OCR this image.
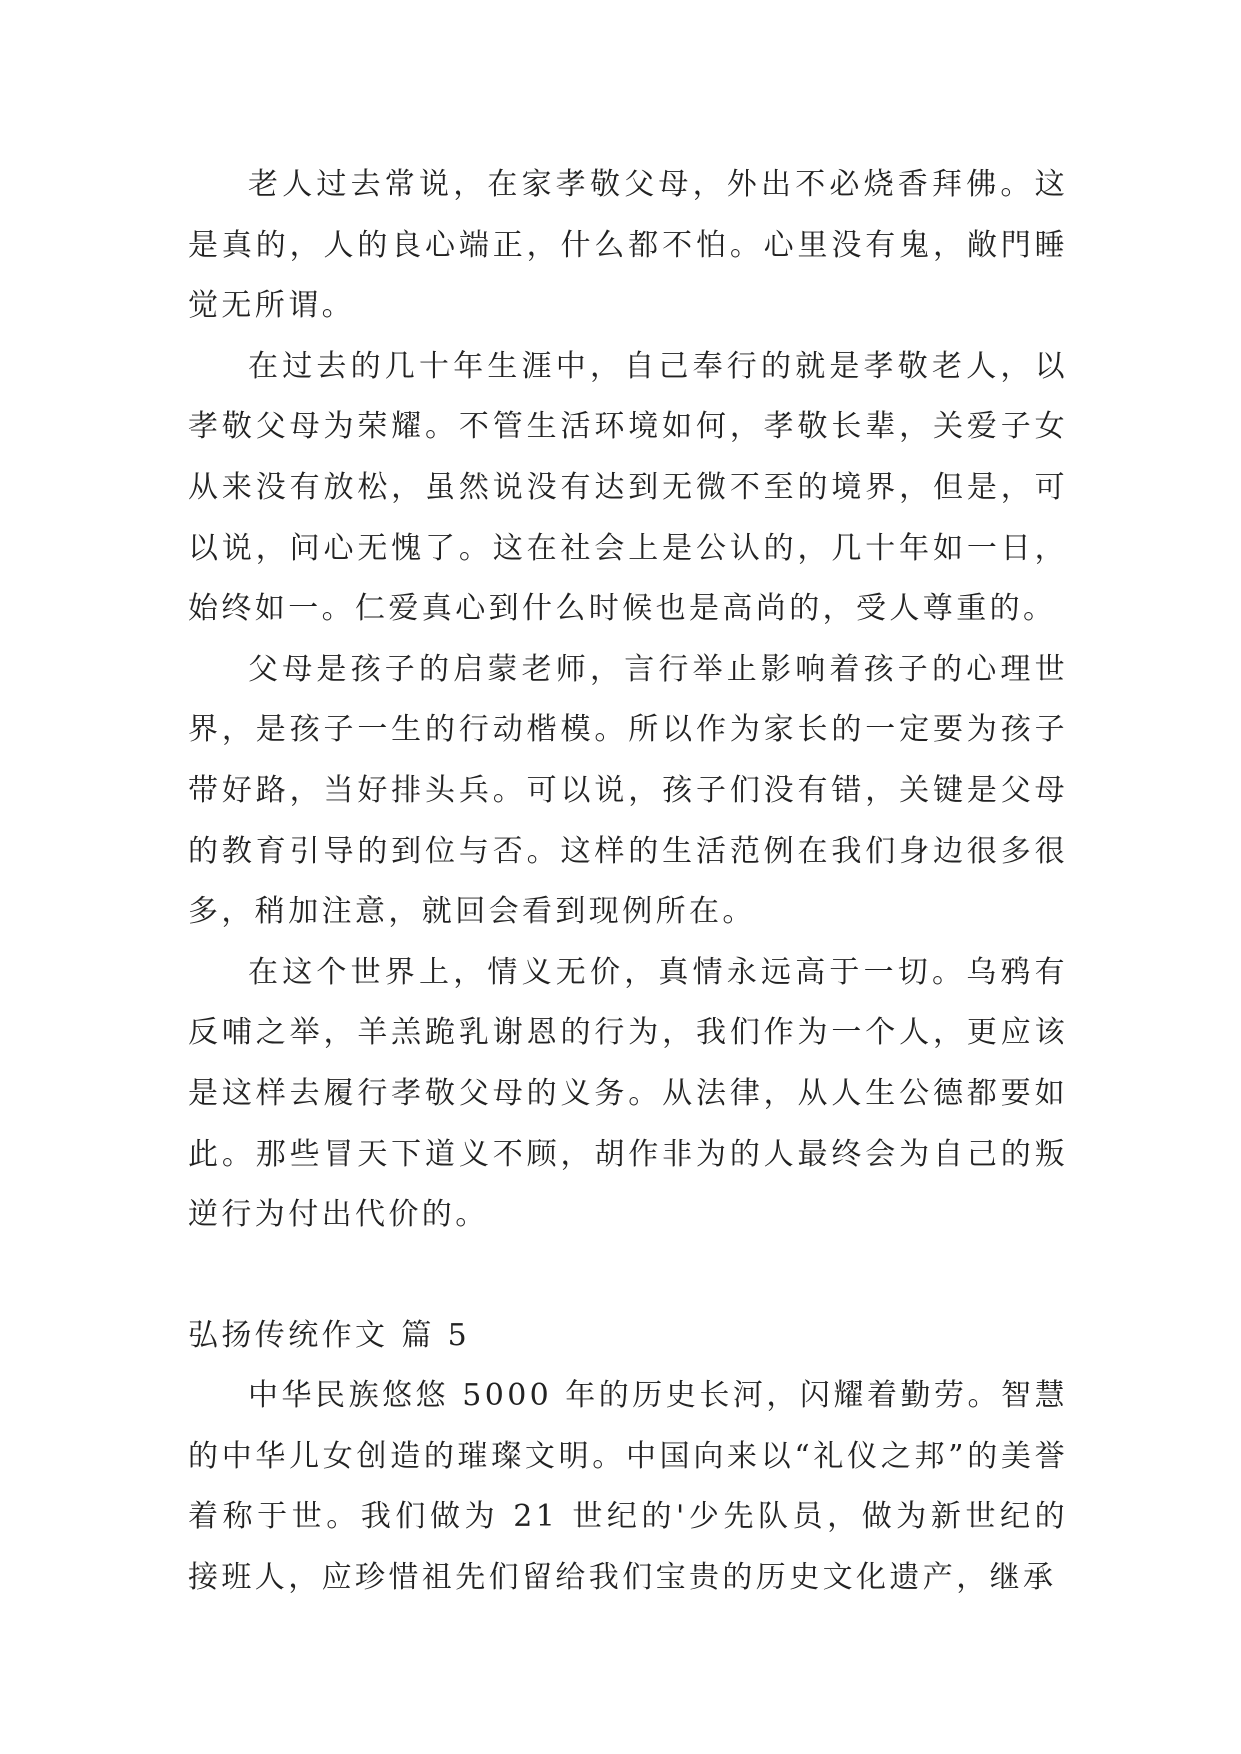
老人过去常说，在家孝敬父母，外出不必烧香拜佛。这是真的，人的良心端正，什么都不怕。心里没有鬼，敞門睡觉无所谓。

在过去的几十年生涯中，自己奉行的就是孝敬老人，以孝敬父母为荣耀。不管生活环境如何，孝敬长辈，关爱子女从来没有放松，虽然说没有达到无微不至的境界，但是，可以说，问心无愧了。这在社会上是公认的，几十年如一日，始终如一。仁爱真心到什么时候也是高尚的，受人尊重的。

父母是孩子的启蒙老师，言行举止影响着孩子的心理世界，是孩子一生的行动楷模。所以作为家长的一定要为孩子带好路，当好排头兵。可以说，孩子们没有错，关键是父母的教育引导的到位与否。这样的生活范例在我们身边很多很多，稍加注意，就回会看到现例所在。

在这个世界上，情义无价，真情永远高于一切。乌鸦有反哺之举，羊羔跪乳谢恩的行为，我们作为一个人，更应该是这样去履行孝敬父母的义务。从法律，从人生公德都要如此。那些冒天下道义不顾，胡作非为的人最终会为自己的叛逆行为付出代价的。

弘扬传统作文 篇 5

中华民族悠悠 5000 年的历史长河，闪耀着勤劳。智慧的中华儿女创造的璀璨文明。中国向来以“礼仪之邦”的美誉着称于世。我们做为 21 世纪的'少先队员，做为新世纪的接班人，应珍惜祖先们留给我们宝贵的历史文化遗产，继承
